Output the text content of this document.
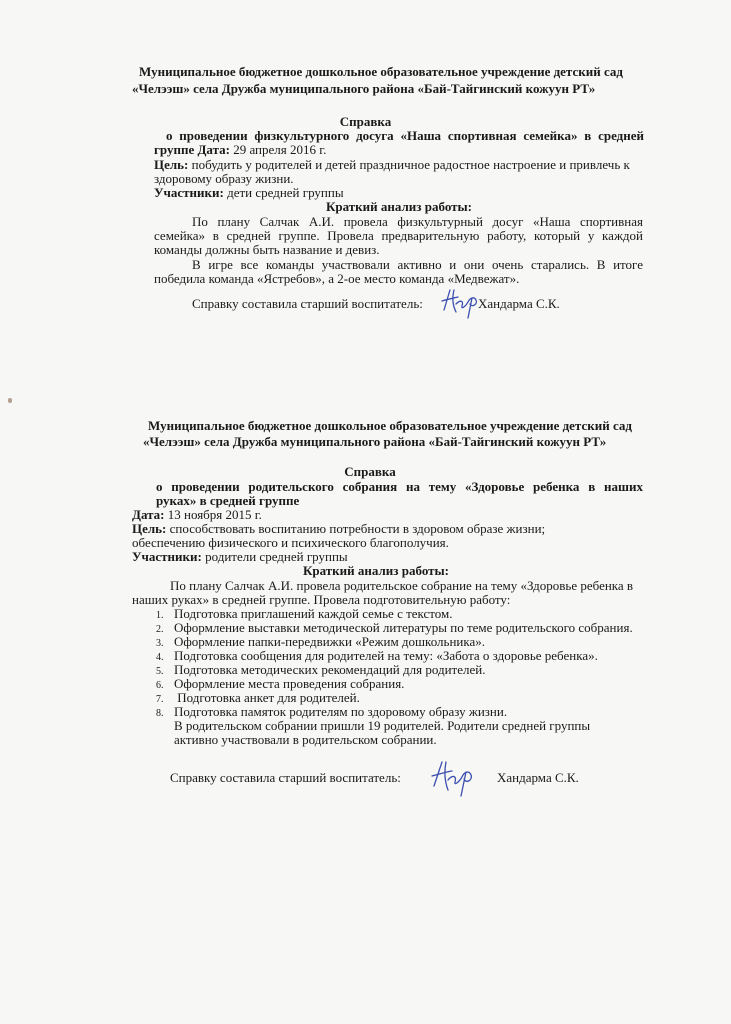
Муниципальное бюджетное дошкольное образовательное учреждение детский сад
«Челээш» села Дружба муниципального района «Бай-Тайгинский кожуун РТ»
Справка
о проведении физкультурного досуга «Наша спортивная семейка» в средней
группе Дата: 29 апреля 2016 г.
Цель: побудить у родителей и детей праздничное радостное настроение и привлечь к
здоровому образу жизни.
Участники: дети средней группы
Краткий анализ работы:
По плану Салчак А.И. провела физкультурный досуг «Наша спортивная
семейка» в средней группе. Провела предварительную работу, который у каждой
команды должны быть название и девиз.
В игре все команды участвовали активно и они очень старались. В итоге
победила команда «Ястребов», а 2-ое место команда «Медвежат».
Справку составила старший воспитатель:	Хандарма С.К.
Муниципальное бюджетное дошкольное образовательное учреждение детский сад
«Челээш» села Дружба муниципального района «Бай-Тайгинский кожуун РТ»
Справка
о проведении родительского собрания на тему «Здоровье ребенка в наших
руках» в средней группе
Дата: 13 ноября 2015 г.
Цель: способствовать воспитанию потребности в здоровом образе жизни;
обеспечению физического и психического благополучия.
Участники: родители средней группы
Краткий анализ работы:
По плану Салчак А.И. провела родительское собрание на тему «Здоровье ребенка в
наших руках» в средней группе. Провела подготовительную работу:
1. Подготовка приглашений каждой семье с текстом.
2. Оформление выставки методической литературы по теме родительского собрания.
3. Оформление папки-передвижки «Режим дошкольника».
4. Подготовка сообщения для родителей на тему: «Забота о здоровье ребенка».
5. Подготовка методических рекомендаций для родителей.
6. Оформление места проведения собрания.
7. Подготовка анкет для родителей.
8. Подготовка памяток родителям по здоровому образу жизни.
В родительском собрании пришли 19 родителей. Родители средней группы
активно участвовали в родительском собрании.
Справку составила старший воспитатель:	Хандарма С.К.
